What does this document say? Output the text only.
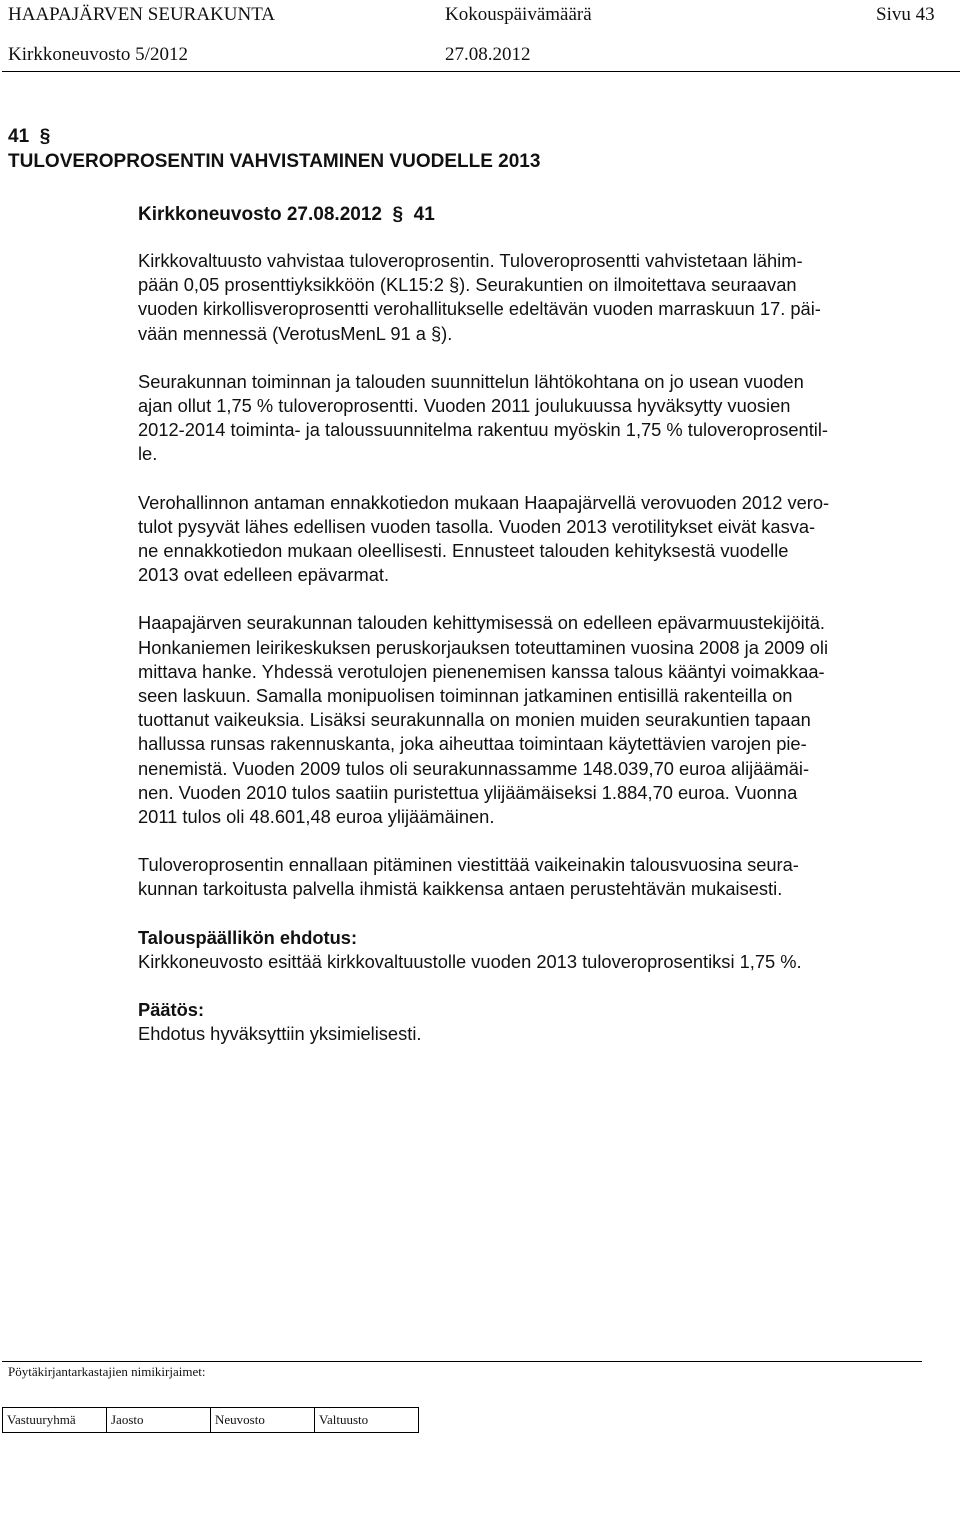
HAAPAJÄRVEN SEURAKUNTA	Kokouspäivämäärä	Sivu 43
Kirkkoneuvosto 5/2012	27.08.2012
41  §
TULOVEROPROSENTIN VAHVISTAMINEN VUODELLE 2013
Kirkkoneuvosto 27.08.2012  §  41

Kirkkovaltuusto vahvistaa tuloveroprosentin. Tuloveroprosentti vahvistetaan lähim-

pään 0,05 prosenttiyksikköön (KL15:2 §). Seurakuntien on ilmoitettava seuraavan

vuoden kirkollisveroprosentti verohallitukselle edeltävän vuoden marraskuun 17. päi-

vään mennessä (VerotusMenL 91 a §).

Seurakunnan toiminnan ja talouden suunnittelun lähtökohtana on jo usean vuoden

ajan ollut 1,75 % tuloveroprosentti. Vuoden 2011 joulukuussa hyväksytty vuosien

2012-2014 toiminta- ja taloussuunnitelma rakentuu myöskin 1,75 % tuloveroprosentil-

le.

Verohallinnon antaman ennakkotiedon mukaan Haapajärvellä verovuoden 2012 vero-

tulot pysyvät lähes edellisen vuoden tasolla. Vuoden 2013 verotilitykset eivät kasva-

ne ennakkotiedon mukaan oleellisesti. Ennusteet talouden kehityksestä vuodelle

2013 ovat edelleen epävarmat.

Haapajärven seurakunnan talouden kehittymisessä on edelleen epävarmuustekijöitä.

Honkaniemen leirikeskuksen peruskorjauksen toteuttaminen vuosina 2008 ja 2009 oli

mittava hanke. Yhdessä verotulojen pienenemisen kanssa talous kääntyi voimakkaa-

seen laskuun. Samalla monipuolisen toiminnan jatkaminen entisillä rakenteilla on

tuottanut vaikeuksia. Lisäksi seurakunnalla on monien muiden seurakuntien tapaan

hallussa runsas rakennuskanta, joka aiheuttaa toimintaan käytettävien varojen pie-

nenemistä. Vuoden 2009 tulos oli seurakunnassamme 148.039,70 euroa alijäämäi-

nen. Vuoden 2010 tulos saatiin puristettua ylijäämäiseksi 1.884,70 euroa. Vuonna

2011 tulos oli 48.601,48 euroa ylijäämäinen.

Tuloveroprosentin ennallaan pitäminen viestittää vaikeinakin talousvuosina seura-

kunnan tarkoitusta palvella ihmistä kaikkensa antaen perustehtävän mukaisesti.

Talouspäällikön ehdotus:

Kirkkoneuvosto esittää kirkkovaltuustolle vuoden 2013 tuloveroprosentiksi 1,75 %.

Päätös:

Ehdotus hyväksyttiin yksimielisesti.

Pöytäkirjantarkastajien nimikirjaimet:
Vastuuryhmä	Jaosto	Neuvosto	Valtuusto
